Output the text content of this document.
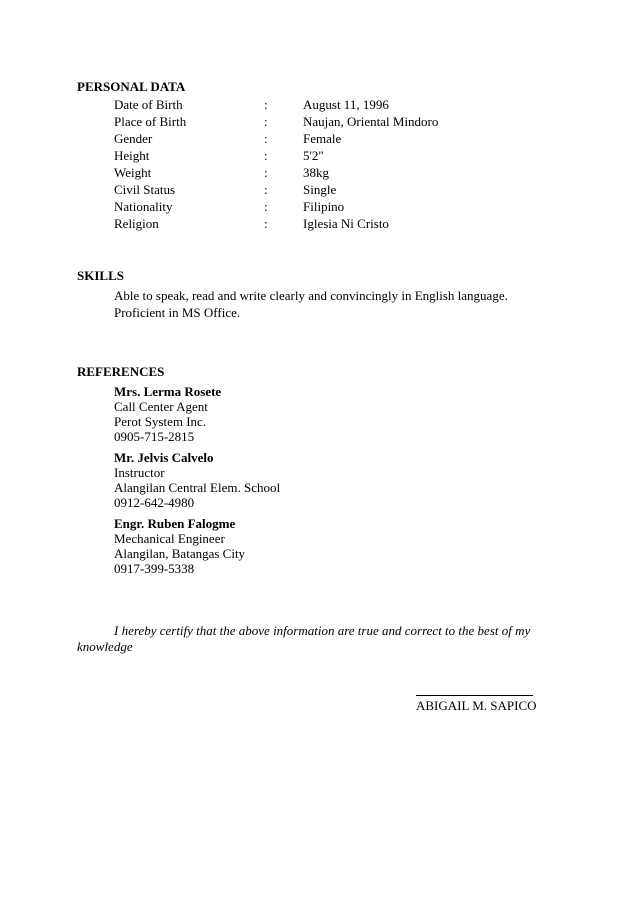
PERSONAL DATA
Date of Birth	:	August 11, 1996
Place of Birth	:	Naujan, Oriental Mindoro
Gender	:	Female
Height	:	5'2"
Weight	:	38kg
Civil Status	:	Single
Nationality	:	Filipino
Religion	:	Iglesia Ni Cristo
SKILLS
Able to speak, read and write clearly and convincingly in English language.
Proficient in MS Office.
REFERENCES
Mrs. Lerma Rosete
Call Center Agent
Perot System Inc.
0905-715-2815
Mr. Jelvis Calvelo
Instructor
Alangilan Central Elem. School
0912-642-4980
Engr. Ruben Falogme
Mechanical Engineer
Alangilan, Batangas City
0917-399-5338
I hereby certify that the above information are true and correct to the best of my knowledge
ABIGAIL M. SAPICO
